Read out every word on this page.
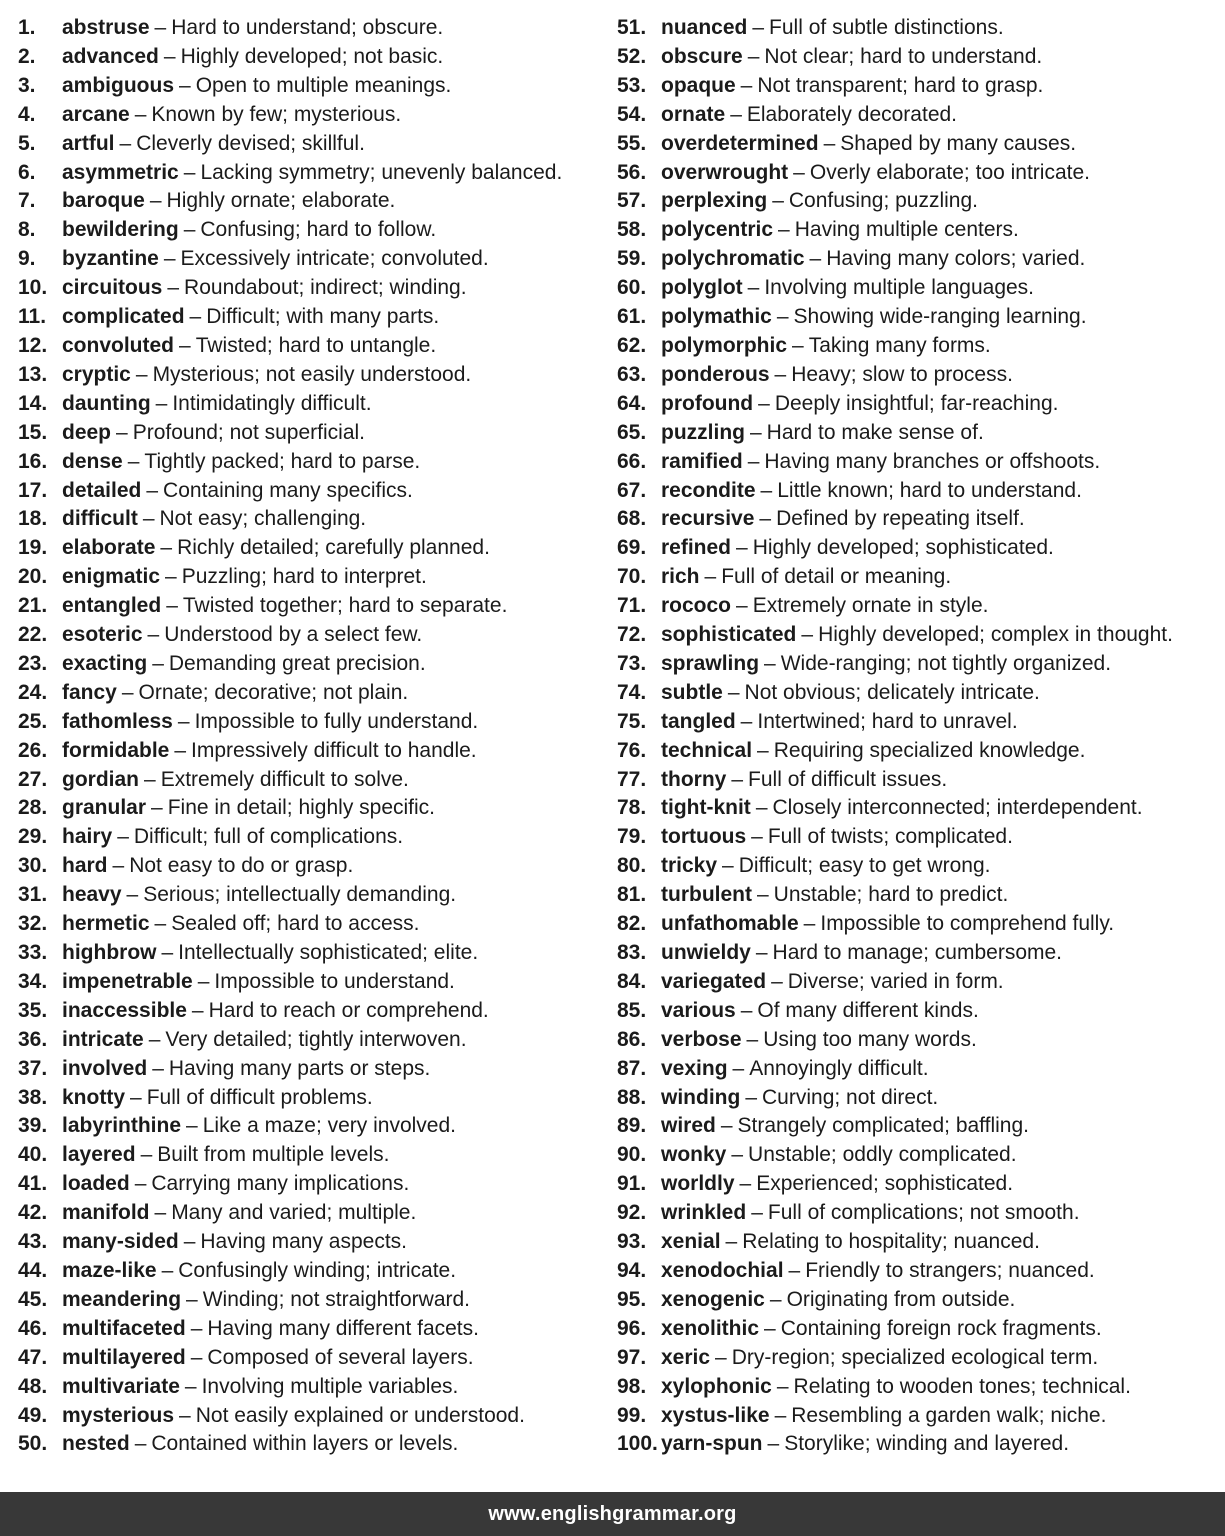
1.	abstruse – Hard to understand; obscure.
2.	advanced – Highly developed; not basic.
3.	ambiguous – Open to multiple meanings.
4.	arcane – Known by few; mysterious.
5.	artful – Cleverly devised; skillful.
6.	asymmetric – Lacking symmetry; unevenly balanced.
7.	baroque – Highly ornate; elaborate.
8.	bewildering – Confusing; hard to follow.
9.	byzantine – Excessively intricate; convoluted.
10. circuitous – Roundabout; indirect; winding.
11. complicated – Difficult; with many parts.
12. convoluted – Twisted; hard to untangle.
13. cryptic – Mysterious; not easily understood.
14. daunting – Intimidatingly difficult.
15. deep – Profound; not superficial.
16. dense – Tightly packed; hard to parse.
17. detailed – Containing many specifics.
18. difficult – Not easy; challenging.
19. elaborate – Richly detailed; carefully planned.
20. enigmatic – Puzzling; hard to interpret.
21. entangled – Twisted together; hard to separate.
22. esoteric – Understood by a select few.
23. exacting – Demanding great precision.
24. fancy – Ornate; decorative; not plain.
25. fathomless – Impossible to fully understand.
26. formidable – Impressively difficult to handle.
27. gordian – Extremely difficult to solve.
28. granular – Fine in detail; highly specific.
29. hairy – Difficult; full of complications.
30. hard – Not easy to do or grasp.
31. heavy – Serious; intellectually demanding.
32. hermetic – Sealed off; hard to access.
33. highbrow – Intellectually sophisticated; elite.
34. impenetrable – Impossible to understand.
35. inaccessible – Hard to reach or comprehend.
36. intricate – Very detailed; tightly interwoven.
37. involved – Having many parts or steps.
38. knotty – Full of difficult problems.
39. labyrinthine – Like a maze; very involved.
40. layered – Built from multiple levels.
41. loaded – Carrying many implications.
42. manifold – Many and varied; multiple.
43. many-sided – Having many aspects.
44. maze-like – Confusingly winding; intricate.
45. meandering – Winding; not straightforward.
46. multifaceted – Having many different facets.
47. multilayered – Composed of several layers.
48. multivariate – Involving multiple variables.
49. mysterious – Not easily explained or understood.
50. nested – Contained within layers or levels.
51. nuanced – Full of subtle distinctions.
52. obscure – Not clear; hard to understand.
53. opaque – Not transparent; hard to grasp.
54. ornate – Elaborately decorated.
55. overdetermined – Shaped by many causes.
56. overwrought – Overly elaborate; too intricate.
57. perplexing – Confusing; puzzling.
58. polycentric – Having multiple centers.
59. polychromatic – Having many colors; varied.
60. polyglot – Involving multiple languages.
61. polymathic – Showing wide-ranging learning.
62. polymorphic – Taking many forms.
63. ponderous – Heavy; slow to process.
64. profound – Deeply insightful; far-reaching.
65. puzzling – Hard to make sense of.
66. ramified – Having many branches or offshoots.
67. recondite – Little known; hard to understand.
68. recursive – Defined by repeating itself.
69. refined – Highly developed; sophisticated.
70. rich – Full of detail or meaning.
71. rococo – Extremely ornate in style.
72. sophisticated – Highly developed; complex in thought.
73. sprawling – Wide-ranging; not tightly organized.
74. subtle – Not obvious; delicately intricate.
75. tangled – Intertwined; hard to unravel.
76. technical – Requiring specialized knowledge.
77. thorny – Full of difficult issues.
78. tight-knit – Closely interconnected; interdependent.
79. tortuous – Full of twists; complicated.
80. tricky – Difficult; easy to get wrong.
81. turbulent – Unstable; hard to predict.
82. unfathomable – Impossible to comprehend fully.
83. unwieldy – Hard to manage; cumbersome.
84. variegated – Diverse; varied in form.
85. various – Of many different kinds.
86. verbose – Using too many words.
87. vexing – Annoyingly difficult.
88. winding – Curving; not direct.
89. wired – Strangely complicated; baffling.
90. wonky – Unstable; oddly complicated.
91. worldly – Experienced; sophisticated.
92. wrinkled – Full of complications; not smooth.
93. xenial – Relating to hospitality; nuanced.
94. xenodochial – Friendly to strangers; nuanced.
95. xenogenic – Originating from outside.
96. xenolithic – Containing foreign rock fragments.
97. xeric – Dry-region; specialized ecological term.
98. xylophonic – Relating to wooden tones; technical.
99. xystus-like – Resembling a garden walk; niche.
100. yarn-spun – Storylike; winding and layered.
www.englishgrammar.org
